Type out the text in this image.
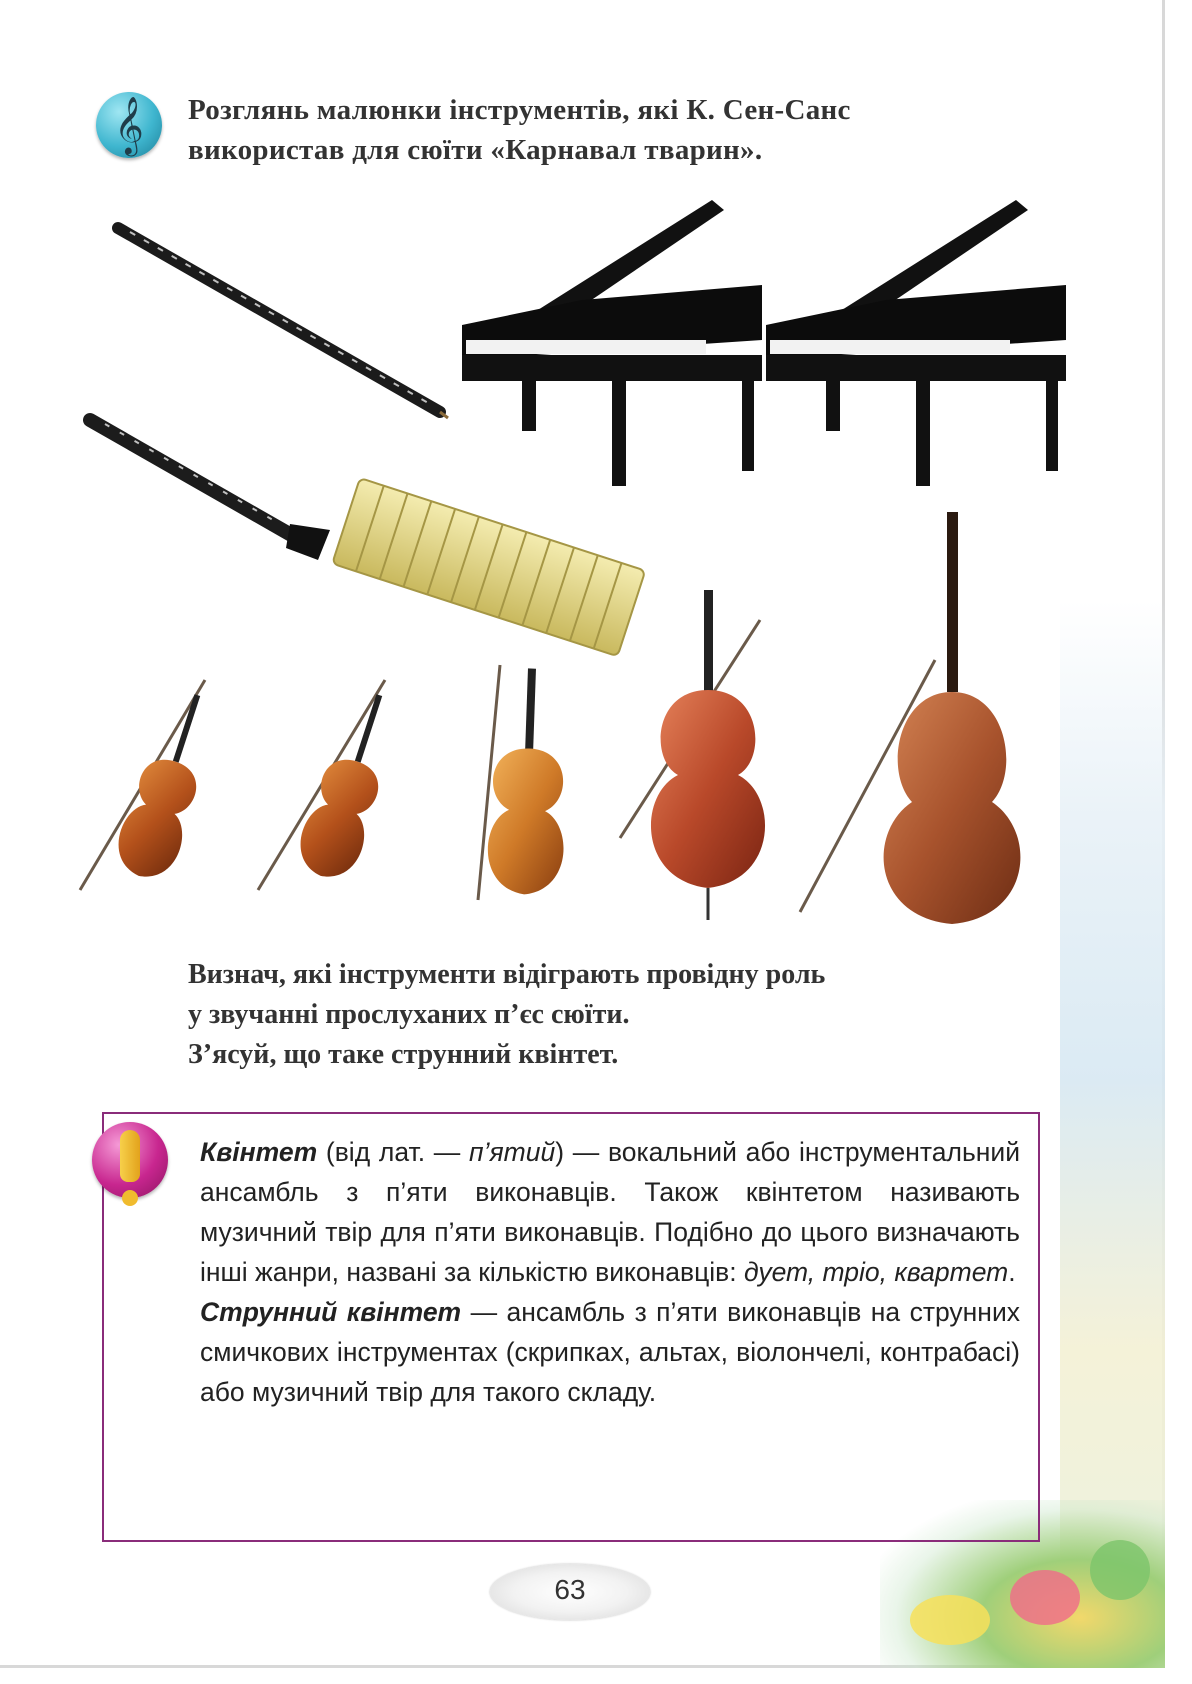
𝄞	Розглянь малюнки інструментів, які К. Сен-Санс
використав для сюїти «Карнавал тварин».
Визнач, які інструменти відіграють провідну роль
у звучанні прослуханих п’єс сюїти.
З’ясуй, що таке струнний квінтет.
Квінтет (від лат. — п’ятий) — вокальний або інструментальний ансамбль з п’яти виконавців. Також квінтетом називають музичний твір для п’яти виконавців. Подібно до цього визначають інші жанри, названі за кількістю виконавців: дует, тріо, квартет.
Струнний квінтет — ансамбль з п’яти виконавців на струнних смичкових інструментах (скрипках, альтах, віолончелі, контрабасі) або музичний твір для такого складу.
63
